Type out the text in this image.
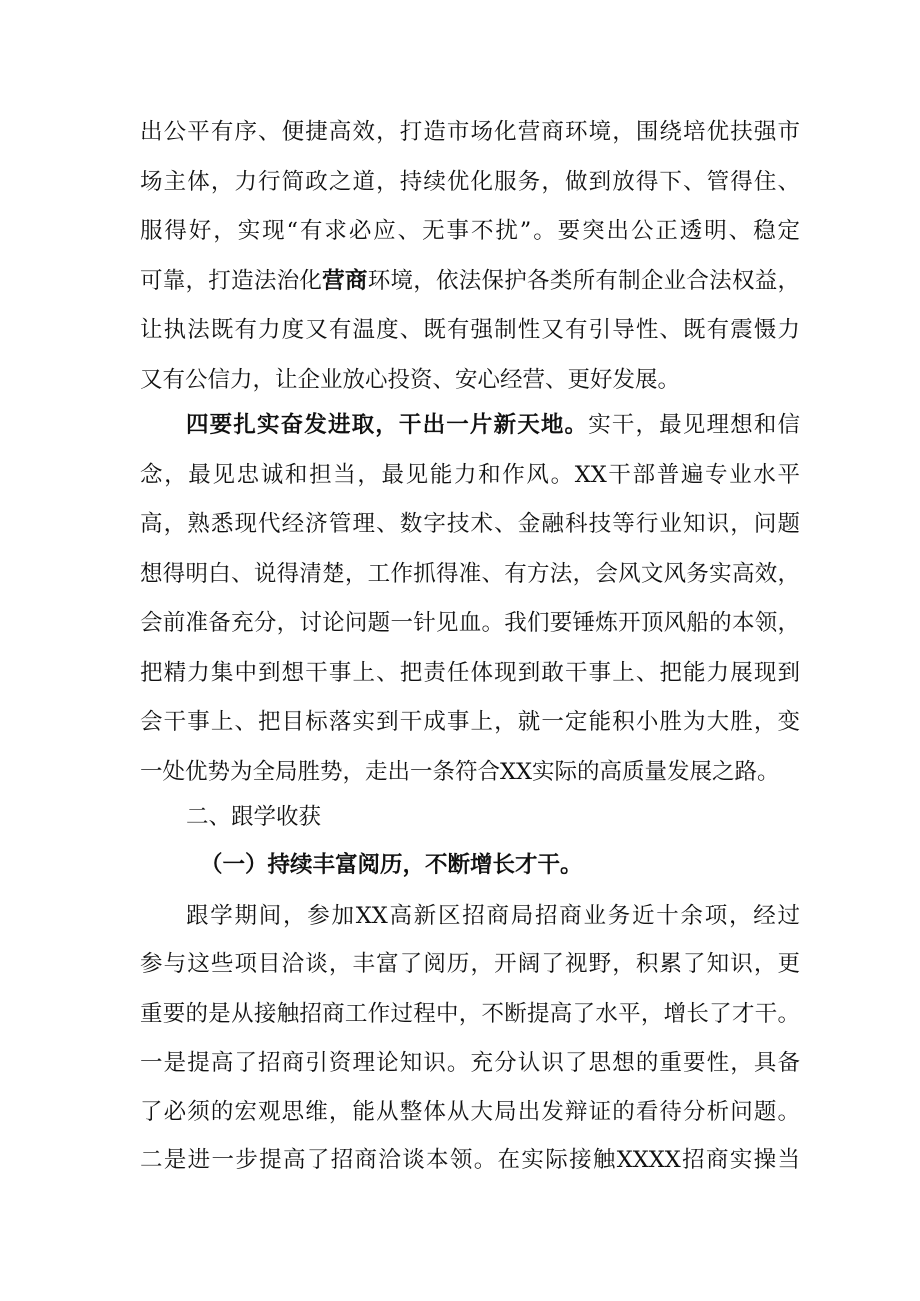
出公平有序、便捷高效，打造市场化营商环境，围绕培优扶强市
场主体，力行简政之道，持续优化服务，做到放得下、管得住、
服得好，实现“有求必应、无事不扰”。要突出公正透明、稳定
可靠，打造法治化营商环境，依法保护各类所有制企业合法权益，
让执法既有力度又有温度、既有强制性又有引导性、既有震慑力
又有公信力，让企业放心投资、安心经营、更好发展。
四要扎实奋发进取，干出一片新天地。实干，最见理想和信
念，最见忠诚和担当，最见能力和作风。XX干部普遍专业水平
高，熟悉现代经济管理、数字技术、金融科技等行业知识，问题
想得明白、说得清楚，工作抓得准、有方法，会风文风务实高效，
会前准备充分，讨论问题一针见血。我们要锤炼开顶风船的本领，
把精力集中到想干事上、把责任体现到敢干事上、把能力展现到
会干事上、把目标落实到干成事上，就一定能积小胜为大胜，变
一处优势为全局胜势，走出一条符合XX实际的高质量发展之路。
二、跟学收获
（一）持续丰富阅历，不断增长才干。
跟学期间，参加XX高新区招商局招商业务近十余项，经过
参与这些项目洽谈，丰富了阅历，开阔了视野，积累了知识，更
重要的是从接触招商工作过程中，不断提高了水平，增长了才干。
一是提高了招商引资理论知识。充分认识了思想的重要性，具备
了必须的宏观思维，能从整体从大局出发辩证的看待分析问题。
二是进一步提高了招商洽谈本领。在实际接触XXXX招商实操当
